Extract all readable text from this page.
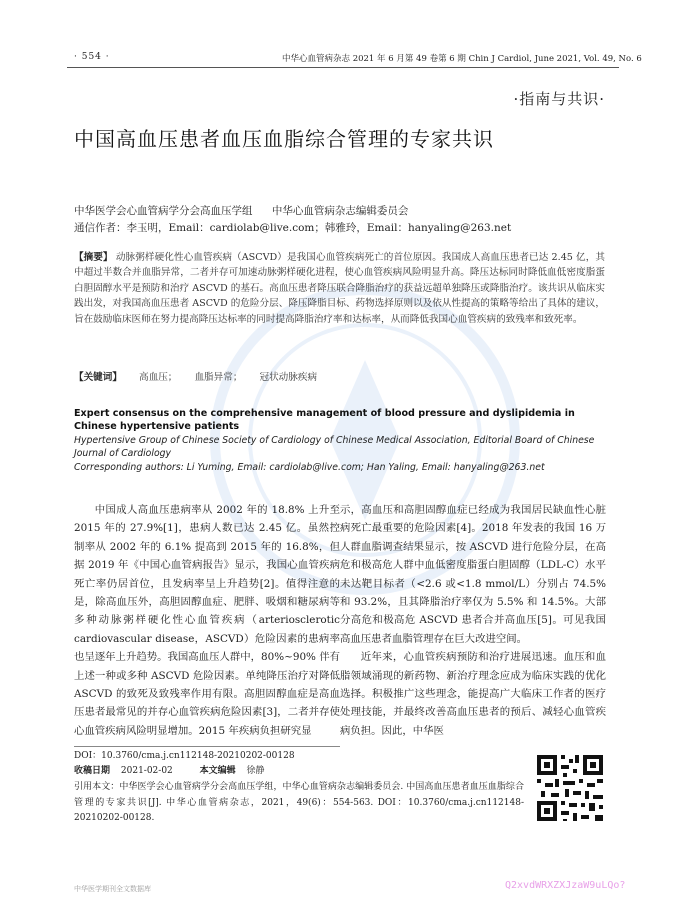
· 554 ·	中华心血管病杂志 2021 年 6 月第 49 卷第 6 期 Chin J Cardiol, June 2021, Vol. 49, No. 6
·指南与共识·
中国高血压患者血压血脂综合管理的专家共识
中华医学会心血管病学分会高血压学组 中华心血管病杂志编辑委员会
通信作者：李玉明，Email：cardiolab@live.com；韩雅玲，Email：hanyaling@263.net
【摘要】 动脉粥样硬化性心血管疾病（ASCVD）是我国心血管疾病死亡的首位原因。我国成人高血压患者已达 2.45 亿，其中超过半数合并血脂异常，二者并存可加速动脉粥样硬化进程，使心血管疾病风险明显升高。降压达标同时降低血低密度脂蛋白胆固醇水平是预防和治疗 ASCVD 的基石。高血压患者降压联合降脂治疗的获益远超单独降压或降脂治疗。该共识从临床实践出发，对我国高血压患者 ASCVD 的危险分层、降压降脂目标、药物选择原则以及依从性提高的策略等给出了具体的建议，旨在鼓励临床医师在努力提高降压达标率的同时提高降脂治疗率和达标率，从而降低我国心血管疾病的致残率和致死率。
【关键词】 高血压； 血脂异常； 冠状动脉疾病
Expert consensus on the comprehensive management of blood pressure and dyslipidemia in Chinese hypertensive patients
Hypertensive Group of Chinese Society of Cardiology of Chinese Medical Association, Editorial Board of Chinese Journal of Cardiology
Corresponding authors: Li Yuming, Email: cardiolab@live.com; Han Yaling, Email: hanyaling@263.net

中国成人高血压患病率从 2002 年的 18.8% 上升至 2015 年的 27.9%[1]，患病人数已达 2.45 亿。虽然控制率从 2002 年的 6.1% 提高到 2015 年的 16.8%，但据 2019 年《中国心血管病报告》显示，我国心血管疾病死亡率仍居首位，且发病率呈上升趋势[2]。值得注意的是，除高血压外，高胆固醇血症、肥胖、吸烟和糖尿病等多种动脉粥样硬化性心血管疾病（arteriosclerotic cardiovascular disease，ASCVD）危险因素的患病率也呈逐年上升趋势。我国高血压人群中，80%~90% 伴有上述一种或多种 ASCVD 危险因素。单纯降压治疗对降低 ASCVD 的致死及致残率作用有限。高胆固醇血症是高血压患者最常见的并存心血管疾病危险因素[3]，二者并存使心血管疾病风险明显增加。2015 年疾病负担研究显

示，高血压和高胆固醇血症已经成为我国居民缺血性心脏病死亡最重要的危险因素[4]。2018 年发表的我国 16 万人群血脂调查结果显示，按 ASCVD 进行危险分层，在高危和极高危人群中血低密度脂蛋白胆固醇（LDL-C）水平未达靶目标者（<2.6 或<1.8 mmol/L）分别占 74.5% 和 93.2%，且其降脂治疗率仅为 5.5% 和 14.5%。大部分高危和极高危 ASCVD 患者合并高血压[5]。可见我国高血压患者血脂管理存在巨大改进空间。

近年来，心血管疾病预防和治疗进展迅速。血压和血脂领域涌现的新药物、新治疗理念应成为临床实践的优化选择。积极推广这些理念，能提高广大临床工作者的医疗处理技能，并最终改善高血压患者的预后、减轻心血管疾病负担。因此，中华医

DOI：10.3760/cma.j.cn112148-20210202-00128
收稿日期 2021-02-02	本文编辑 徐静
引用本文：中华医学会心血管病学分会高血压学组，中华心血管病杂志编辑委员会. 中国高血压患者血压血脂综合管理的专家共识[J]. 中华心血管病杂志，2021，49(6)：554-563. DOI：10.3760/cma.j.cn112148-20210202-00128.
中华医学期刊全文数据库	Q2xvdWRXZXJzaW9uLQo?
